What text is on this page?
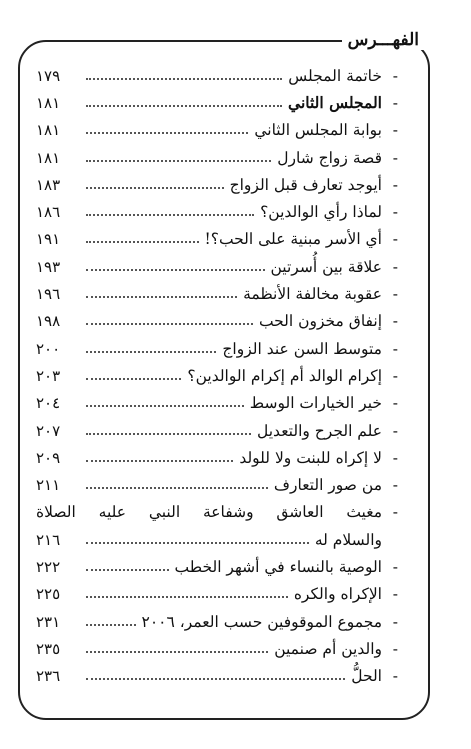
الفهـــرس
-
خاتمة المجلس
١٧٩
-
المجلس الثاني
١٨١
-
بوابة المجلس الثاني
١٨١
-
قصة زواج شارل
١٨١
-
أيوجد تعارف قبل الزواج
١٨٣
-
لماذا رأي الوالدين؟
١٨٦
-
أي الأسر مبنية على الحب؟!
١٩١
-
علاقة بين أُسرتين
١٩٣
-
عقوبة مخالفة الأنظمة
١٩٦
-
إنفاق مخزون الحب
١٩٨
-
متوسط السن عند الزواج
٢٠٠
-
إكرام الوالد أم إكرام الوالدين؟
٢٠٣
-
خير الخيارات الوسط
٢٠٤
-
علم الجرح والتعديل
٢٠٧
-
لا إكراه للبنت ولا للولد
٢٠٩
-
من صور التعارف
٢١١
-
مغيث العاشق وشفاعة النبي عليه الصلاة
والسلام له
٢١٦
-
الوصية بالنساء في أشهر الخطب
٢٢٢
-
الإكراه والكره
٢٢٥
-
مجموع الموقوفين حسب العمر، ٢٠٠٦
٢٣١
-
والدين أم صنمين
٢٣٥
-
الحلُّ
٢٣٦
